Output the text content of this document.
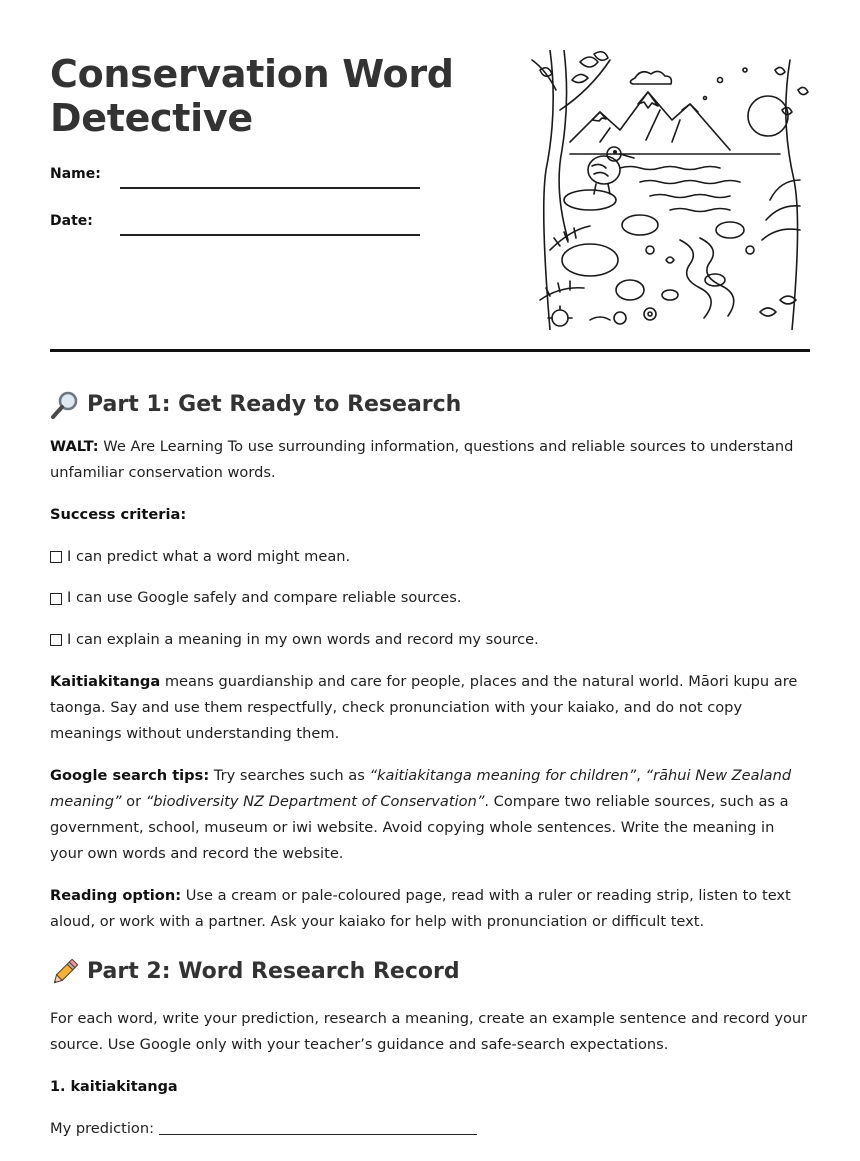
Conservation Word Detective
Name:
Date:
Part 1: Get Ready to Research

WALT: We Are Learning To use surrounding information, questions and reliable sources to understand unfamiliar conservation words.

Success criteria:

I can predict what a word might mean.

I can use Google safely and compare reliable sources.

I can explain a meaning in my own words and record my source.

Kaitiakitanga means guardianship and care for people, places and the natural world. Māori kupu are taonga. Say and use them respectfully, check pronunciation with your kaiako, and do not copy meanings without understanding them.

Google search tips: Try searches such as “kaitiakitanga meaning for children”, “rāhui New Zealand meaning” or “biodiversity NZ Department of Conservation”. Compare two reliable sources, such as a government, school, museum or iwi website. Avoid copying whole sentences. Write the meaning in your own words and record the website.

Reading option: Use a cream or pale-coloured page, read with a ruler or reading strip, listen to text aloud, or work with a partner. Ask your kaiako for help with pronunciation or difficult text.

Part 2: Word Research Record

For each word, write your prediction, research a meaning, create an example sentence and record your source. Use Google only with your teacher’s guidance and safe-search expectations.

1. kaitiakitanga

My prediction:
